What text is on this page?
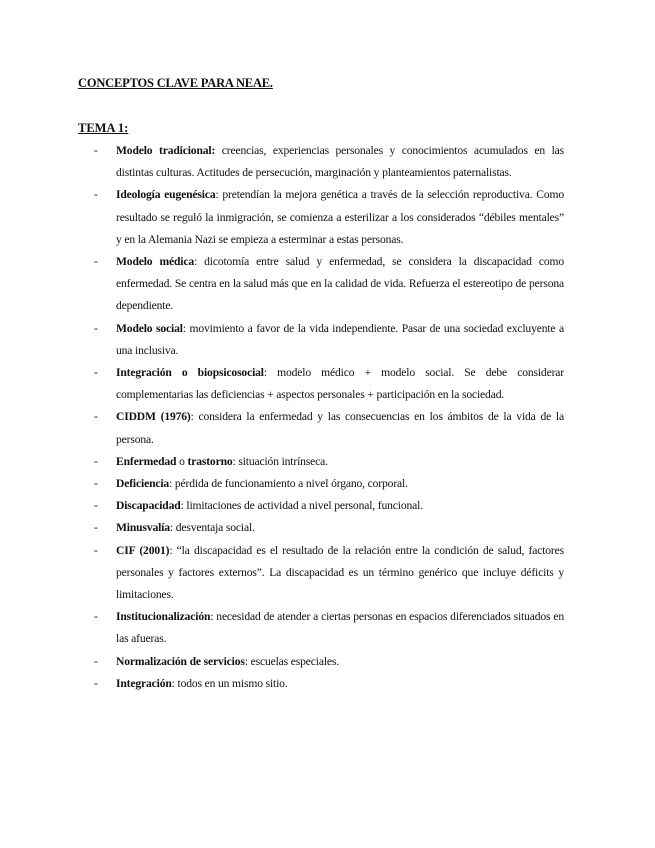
CONCEPTOS CLAVE PARA NEAE.
TEMA 1:
- Modelo tradicional: creencias, experiencias personales y conocimientos acumulados en las distintas culturas. Actitudes de persecución, marginación y planteamientos paternalistas.
- Ideología eugenésica: pretendían la mejora genética a través de la selección reproductiva. Como resultado se reguló la inmigración, se comienza a esterilizar a los considerados “débiles mentales” y en la Alemania Nazi se empieza a esterminar a estas personas.
- Modelo médica: dicotomía entre salud y enfermedad, se considera la discapacidad como enfermedad. Se centra en la salud más que en la calidad de vida. Refuerza el estereotipo de persona dependiente.
- Modelo social: movimiento a favor de la vida independiente. Pasar de una sociedad excluyente a una inclusiva.
- Integración o biopsicosocial: modelo médico + modelo social. Se debe considerar complementarias las deficiencias + aspectos personales + participación en la sociedad.
- CIDDM (1976): considera la enfermedad y las consecuencias en los ámbitos de la vida de la persona.
- Enfermedad o trastorno: situación intrínseca.
- Deficiencia: pérdida de funcionamiento a nivel órgano, corporal.
- Discapacidad: limitaciones de actividad a nivel personal, funcional.
- Minusvalía: desventaja social.
- CIF (2001): “la discapacidad es el resultado de la relación entre la condición de salud, factores personales y factores externos”. La discapacidad es un término genérico que incluye déficits y limitaciones.
- Institucionalización: necesidad de atender a ciertas personas en espacios diferenciados situados en las afueras.
- Normalización de servicios: escuelas especiales.
- Integración: todos en un mismo sitio.
